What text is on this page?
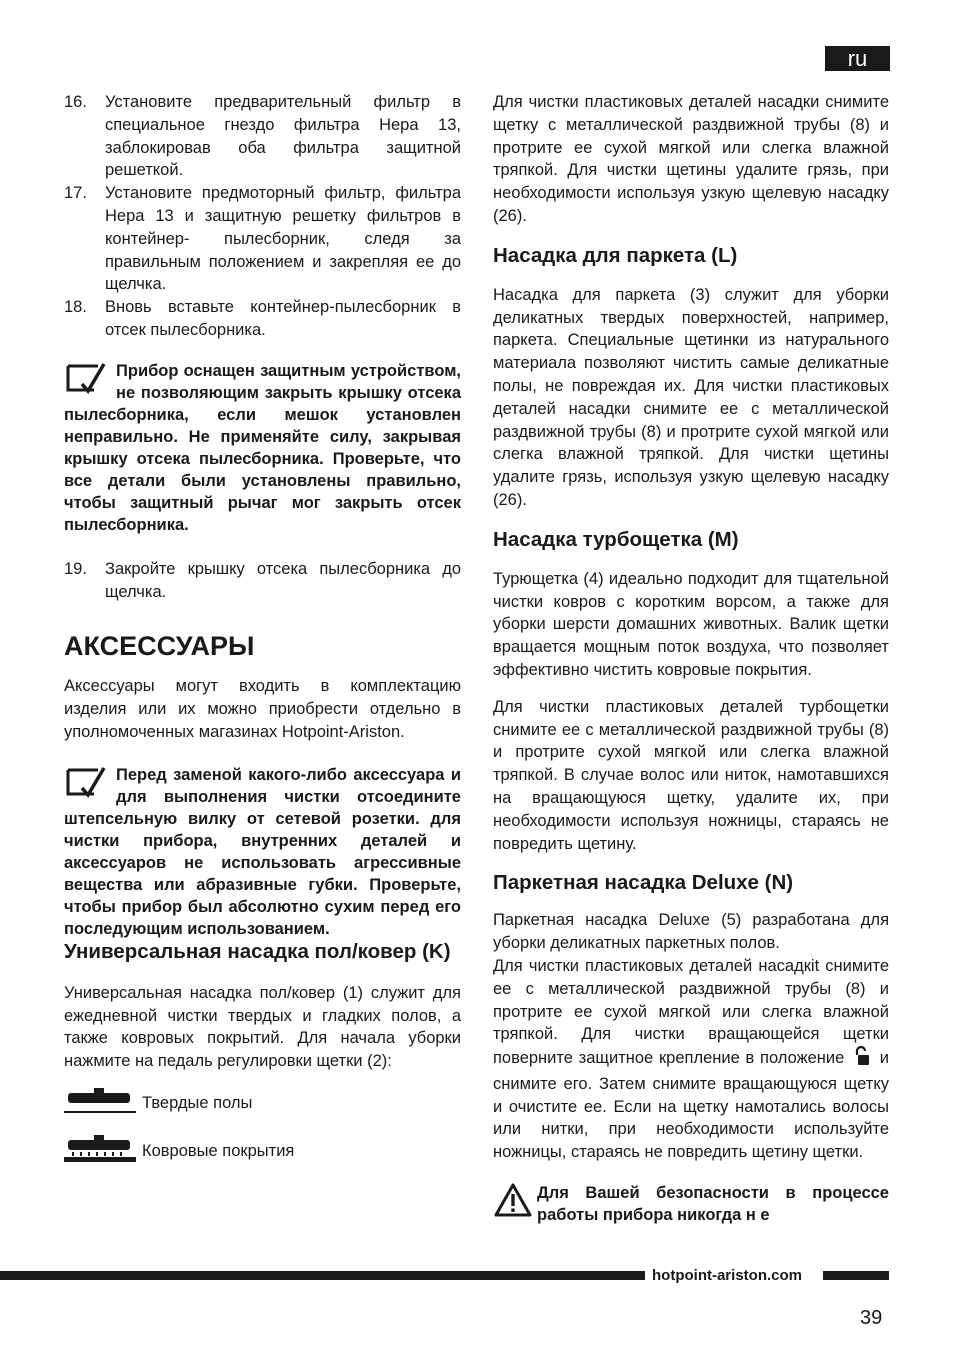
ru
16.	Установите предварительный фильтр в специальное гнездо фильтра Hepa 13, заблокировав оба фильтра защитной решеткой.
17.	Установите предмоторный фильтр, фильтра Hepa 13 и защитную решетку фильтров в контейнер- пылесборник, следя за правильным положением и закрепляя ее до щелчка.
18.	Вновь вставьте контейнер-пылесборник в отсек пылесборника.
Прибор оснащен защитным устройством, не позволяющим закрыть крышку отсека пылесборника, если мешок установлен неправильно. Не применяйте силу, закрывая крышку отсека пылесборника. Проверьте, что все детали были установлены правильно, чтобы защитный рычаг мог закрыть отсек пылесборника.
19.	Закройте крышку отсека пылесборника до щелчка.
АКСЕССУАРЫ

Аксессуары могут входить в комплектацию изделия или их можно приобрести отдельно в уполномоченных магазинах Hotpoint-Ariston.

Перед заменой какого-либо аксессуара и для выполнения чистки отсоедините штепсельную вилку от сетевой розетки. для чистки прибора, внутренних деталей и аксессуаров не использовать агрессивные вещества или абразивные губки. Проверьте, чтобы прибор был абсолютно сухим перед его последующим использованием.
Универсальная насадка пол/ковер (K)

Универсальная насадка пол/ковер (1) служит для ежедневной чистки твердых и гладких полов, а также ковровых покрытий. Для начала уборки нажмите на педаль регулировки щетки (2):

Твердые полы
Ковровые покрытия

Для чистки пластиковых деталей насадки снимите щетку с металлической раздвижной трубы (8) и протрите ее сухой мягкой или слегка влажной тряпкой. Для чистки щетины удалите грязь, при необходимости используя узкую щелевую насадку (26).

Насадка для паркета (L)

Насадка для паркета (3) служит для уборки деликатных твердых поверхностей, например, паркета. Специальные щетинки из натурального материала позволяют чистить самые деликатные полы, не повреждая их. Для чистки пластиковых деталей насадки снимите ее с металлической раздвижной трубы (8) и протрите сухой мягкой или слегка влажной тряпкой. Для чистки щетины удалите грязь, используя узкую щелевую насадку (26).

Насадка турбощетка (M)

Турющетка (4) идеально подходит для тщательной чистки ковров с коротким ворсом, а также для уборки шерсти домашних животных. Валик щетки вращается мощным поток воздуха, что позволяет эффективно чистить ковровые покрытия.

Для чистки пластиковых деталей турбощетки снимите ее с металлической раздвижной трубы (8) и протрите сухой мягкой или слегка влажной тряпкой. В случае волос или ниток, намотавшихся на вращающуюся щетку, удалите их, при необходимости используя ножницы, стараясь не повредить щетину.

Паркетная насадка Deluxe (N)

Паркетная насадка Deluxe (5) разработана для уборки деликатных паркетных полов.

Для чистки пластиковых деталей насадкit снимите ее с металлической раздвижной трубы (8) и протрите ее сухой мягкой или слегка влажной тряпкой. Для чистки вращающейся щетки поверните защитное крепление в положение и снимите его. Затем снимите вращающуюся щетку и очистите ее. Если на щетку намотались волосы или нитки, при необходимости используйте ножницы, стараясь не повредить щетину щетки.

Для Вашей безопасности в процессе работы прибора никогда н е

hotpoint-ariston.com
39
